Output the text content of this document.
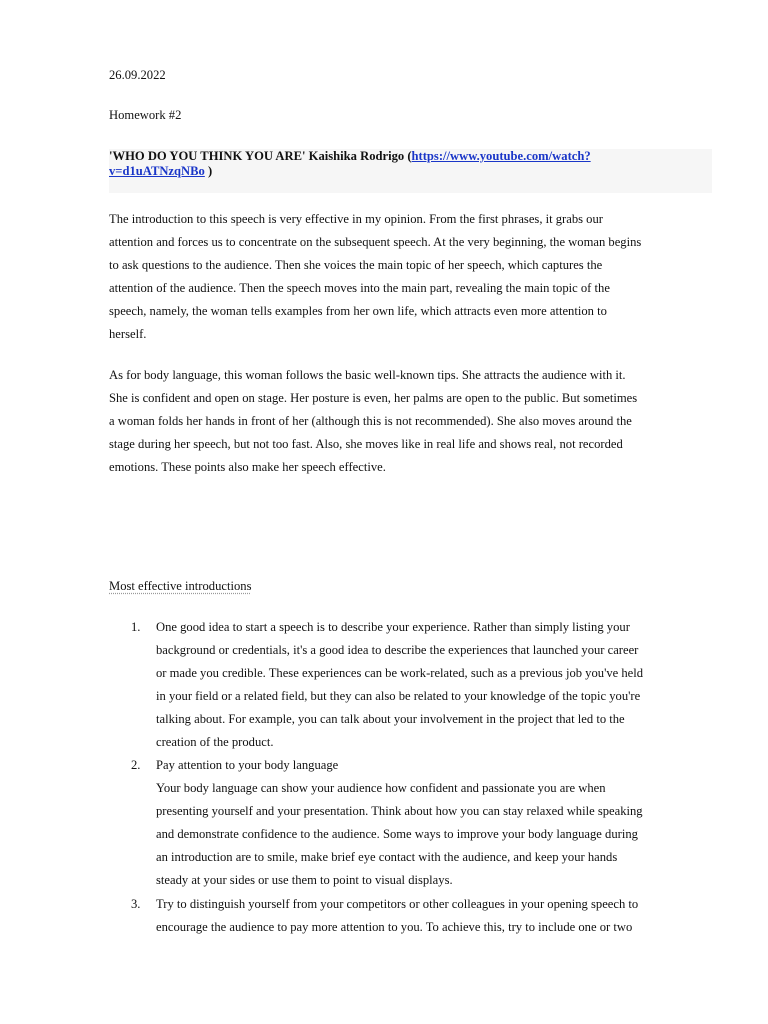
26.09.2022
Homework #2
'WHO DO YOU THINK YOU ARE' Kaishika Rodrigo (https://www.youtube.com/watch?
v=d1uATNzqNBo )
The introduction to this speech is very effective in my opinion. From the first phrases, it grabs our
attention and forces us to concentrate on the subsequent speech. At the very beginning, the woman begins
to ask questions to the audience. Then she voices the main topic of her speech, which captures the
attention of the audience. Then the speech moves into the main part, revealing the main topic of the
speech, namely, the woman tells examples from her own life, which attracts even more attention to
herself.
As for body language, this woman follows the basic well-known tips. She attracts the audience with it.
She is confident and open on stage. Her posture is even, her palms are open to the public. But sometimes
a woman folds her hands in front of her (although this is not recommended). She also moves around the
stage during her speech, but not too fast. Also, she moves like in real life and shows real, not recorded
emotions. These points also make her speech effective.
Most effective introductions
1.	One good idea to start a speech is to describe your experience. Rather than simply listing your
background or credentials, it's a good idea to describe the experiences that launched your career
or made you credible. These experiences can be work-related, such as a previous job you've held
in your field or a related field, but they can also be related to your knowledge of the topic you're
talking about. For example, you can talk about your involvement in the project that led to the
creation of the product.
2.	Pay attention to your body language
Your body language can show your audience how confident and passionate you are when
presenting yourself and your presentation. Think about how you can stay relaxed while speaking
and demonstrate confidence to the audience. Some ways to improve your body language during
an introduction are to smile, make brief eye contact with the audience, and keep your hands
steady at your sides or use them to point to visual displays.
3.	Try to distinguish yourself from your competitors or other colleagues in your opening speech to
encourage the audience to pay more attention to you. To achieve this, try to include one or two
